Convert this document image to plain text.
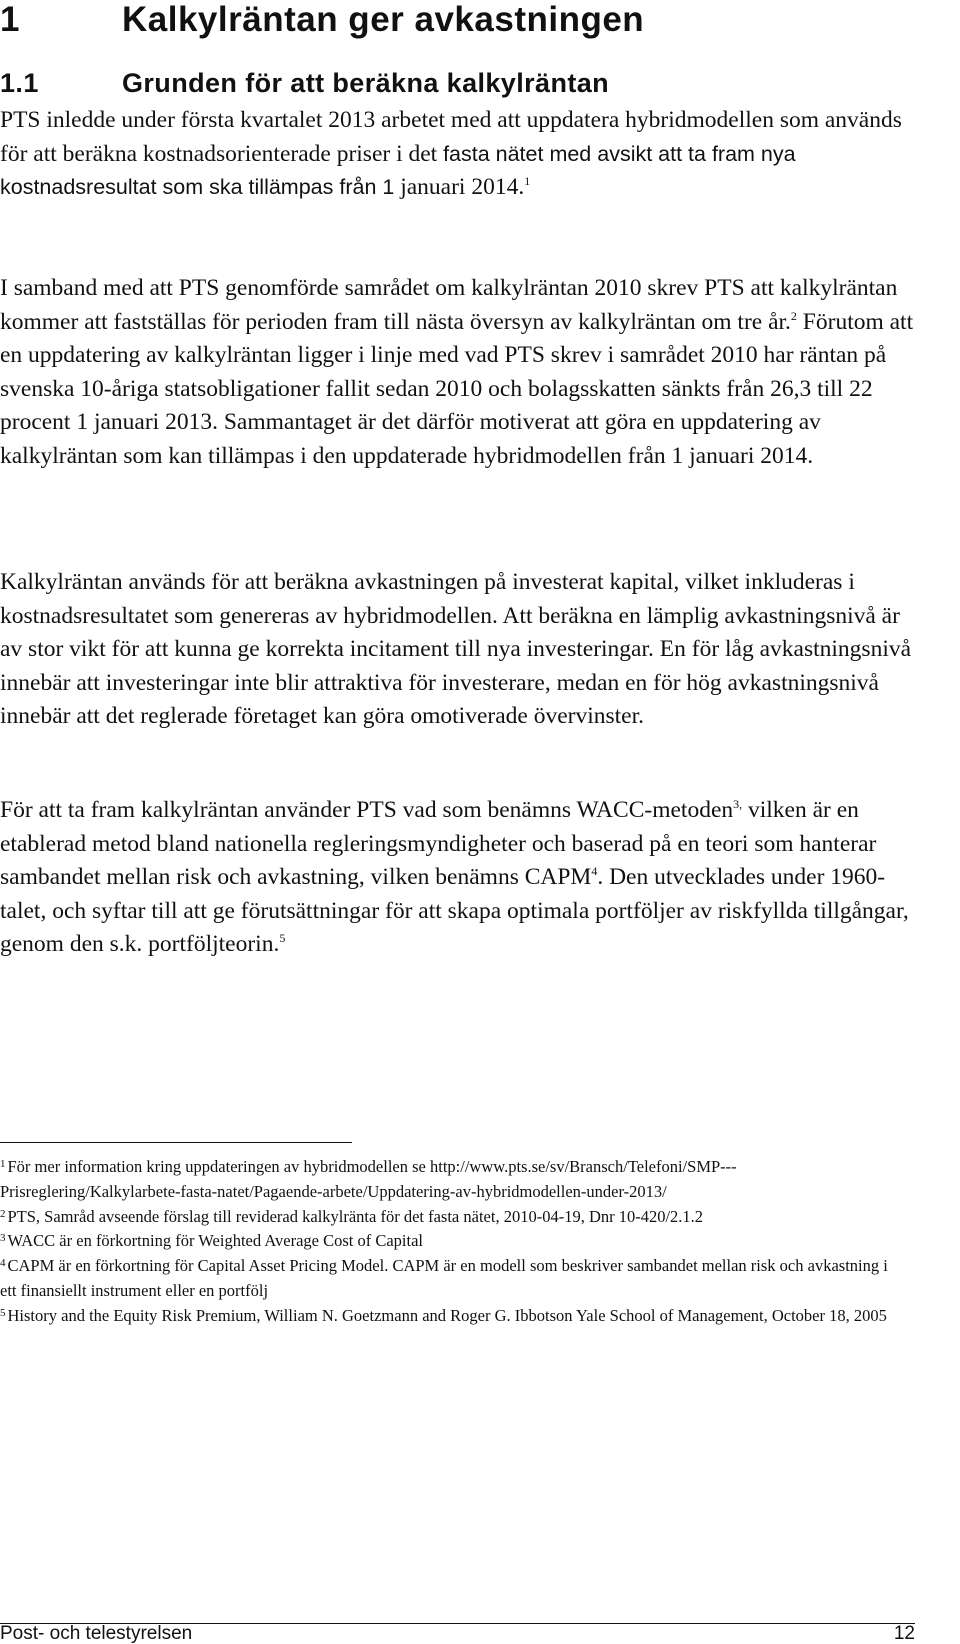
1	Kalkylräntan ger avkastningen
1.1	Grunden för att beräkna kalkylräntan

PTS inledde under första kvartalet 2013 arbetet med att uppdatera hybridmodellen som används för att beräkna kostnadsorienterade priser i det fasta nätet med avsikt att ta fram nya kostnadsresultat som ska tillämpas från 1 januari 2014.$^1$

I samband med att PTS genomförde samrådet om kalkylräntan 2010 skrev PTS att kalkylräntan kommer att fastställas för perioden fram till nästa översyn av kalkylräntan om tre år.$^2$ Förutom att en uppdatering av kalkylräntan ligger i linje med vad PTS skrev i samrådet 2010 har räntan på svenska 10-åriga statsobligationer fallit sedan 2010 och bolagsskatten sänkts från 26,3 till 22 procent 1 januari 2013. Sammantaget är det därför motiverat att göra en uppdatering av kalkylräntan som kan tillämpas i den uppdaterade hybridmodellen från 1 januari 2014.

Kalkylräntan används för att beräkna avkastningen på investerat kapital, vilket inkluderas i kostnadsresultatet som genereras av hybridmodellen. Att beräkna en lämplig avkastningsnivå är av stor vikt för att kunna ge korrekta incitament till nya investeringar. En för låg avkastningsnivå innebär att investeringar inte blir attraktiva för investerare, medan en för hög avkastningsnivå innebär att det reglerade företaget kan göra omotiverade övervinster.

För att ta fram kalkylräntan använder PTS vad som benämns WACC-metoden$^{3,}$ vilken är en etablerad metod bland nationella regleringsmyndigheter och baserad på en teori som hanterar sambandet mellan risk och avkastning, vilken benämns CAPM$^4$. Den utvecklades under 1960-talet, och syftar till att ge förutsättningar för att skapa optimala portföljer av riskfyllda tillgångar, genom den s.k. portföljteorin.$^5$

$^1$ För mer information kring uppdateringen av hybridmodellen se http://www.pts.se/sv/Bransch/Telefoni/SMP---Prisreglering/Kalkylarbete-fasta-natet/Pagaende-arbete/Uppdatering-av-hybridmodellen-under-2013/

$^2$ PTS, Samråd avseende förslag till reviderad kalkylränta för det fasta nätet, 2010-04-19, Dnr 10-420/2.1.2

$^3$ WACC är en förkortning för Weighted Average Cost of Capital

$^4$ CAPM är en förkortning för Capital Asset Pricing Model. CAPM är en modell som beskriver sambandet mellan risk och avkastning i ett finansiellt instrument eller en portfölj

$^5$ History and the Equity Risk Premium, William N. Goetzmann and Roger G. Ibbotson Yale School of Management, October 18, 2005

Post- och telestyrelsen	12
